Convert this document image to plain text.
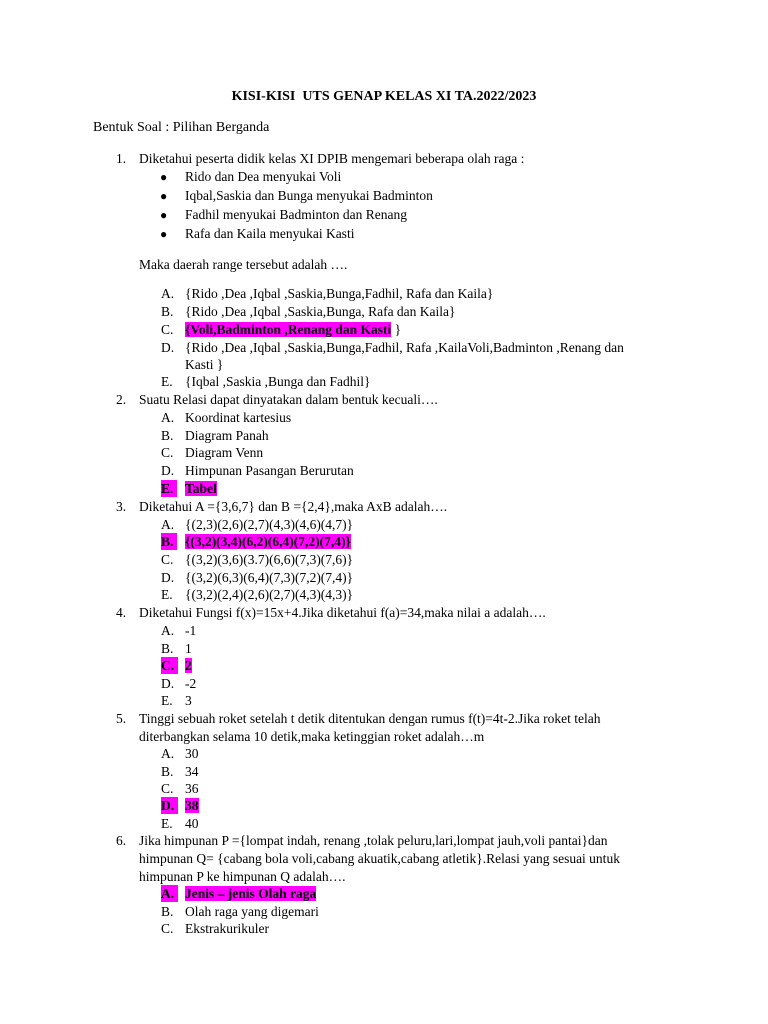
KISI-KISI  UTS GENAP KELAS XI TA.2022/2023
Bentuk Soal : Pilihan Berganda
1. Diketahui peserta didik kelas XI DPIB mengemari beberapa olah raga :
● Rido dan Dea menyukai Voli
● Iqbal,Saskia dan Bunga menyukai Badminton
● Fadhil menyukai Badminton dan Renang
● Rafa dan Kaila menyukai Kasti
Maka daerah range tersebut adalah ….
A. {Rido ,Dea ,Iqbal ,Saskia,Bunga,Fadhil, Rafa dan Kaila}
B. {Rido ,Dea ,Iqbal ,Saskia,Bunga, Rafa dan Kaila}
C. {Voli,Badminton ,Renang dan Kasti }
D. {Rido ,Dea ,Iqbal ,Saskia,Bunga,Fadhil, Rafa ,KailaVoli,Badminton ,Renang dan
Kasti }
E. {Iqbal ,Saskia ,Bunga dan Fadhil}
2. Suatu Relasi dapat dinyatakan dalam bentuk kecuali….
A. Koordinat kartesius
B. Diagram Panah
C. Diagram Venn
D. Himpunan Pasangan Berurutan
E. Tabel
3. Diketahui A ={3,6,7} dan B ={2,4},maka AxB adalah….
A. {(2,3)(2,6)(2,7)(4,3)(4,6)(4,7)}
B. {(3,2)(3,4)(6,2)(6,4)(7,2)(7,4)}
C. {(3,2)(3,6)(3.7)(6,6)(7,3)(7,6)}
D. {(3,2)(6,3)(6,4)(7,3)(7,2)(7,4)}
E. {(3,2)(2,4)(2,6)(2,7)(4,3)(4,3)}
4. Diketahui Fungsi f(x)=15x+4.Jika diketahui f(a)=34,maka nilai a adalah….
A. -1
B. 1
C. 2
D. -2
E. 3
5. Tinggi sebuah roket setelah t detik ditentukan dengan rumus f(t)=4t-2.Jika roket telah
diterbangkan selama 10 detik,maka ketinggian roket adalah…m
A. 30
B. 34
C. 36
D. 38
E. 40
6. Jika himpunan P ={lompat indah, renang ,tolak peluru,lari,lompat jauh,voli pantai}dan
himpunan Q= {cabang bola voli,cabang akuatik,cabang atletik}.Relasi yang sesuai untuk
himpunan P ke himpunan Q adalah….
A. Jenis – jenis Olah raga
B. Olah raga yang digemari
C. Ekstrakurikuler
